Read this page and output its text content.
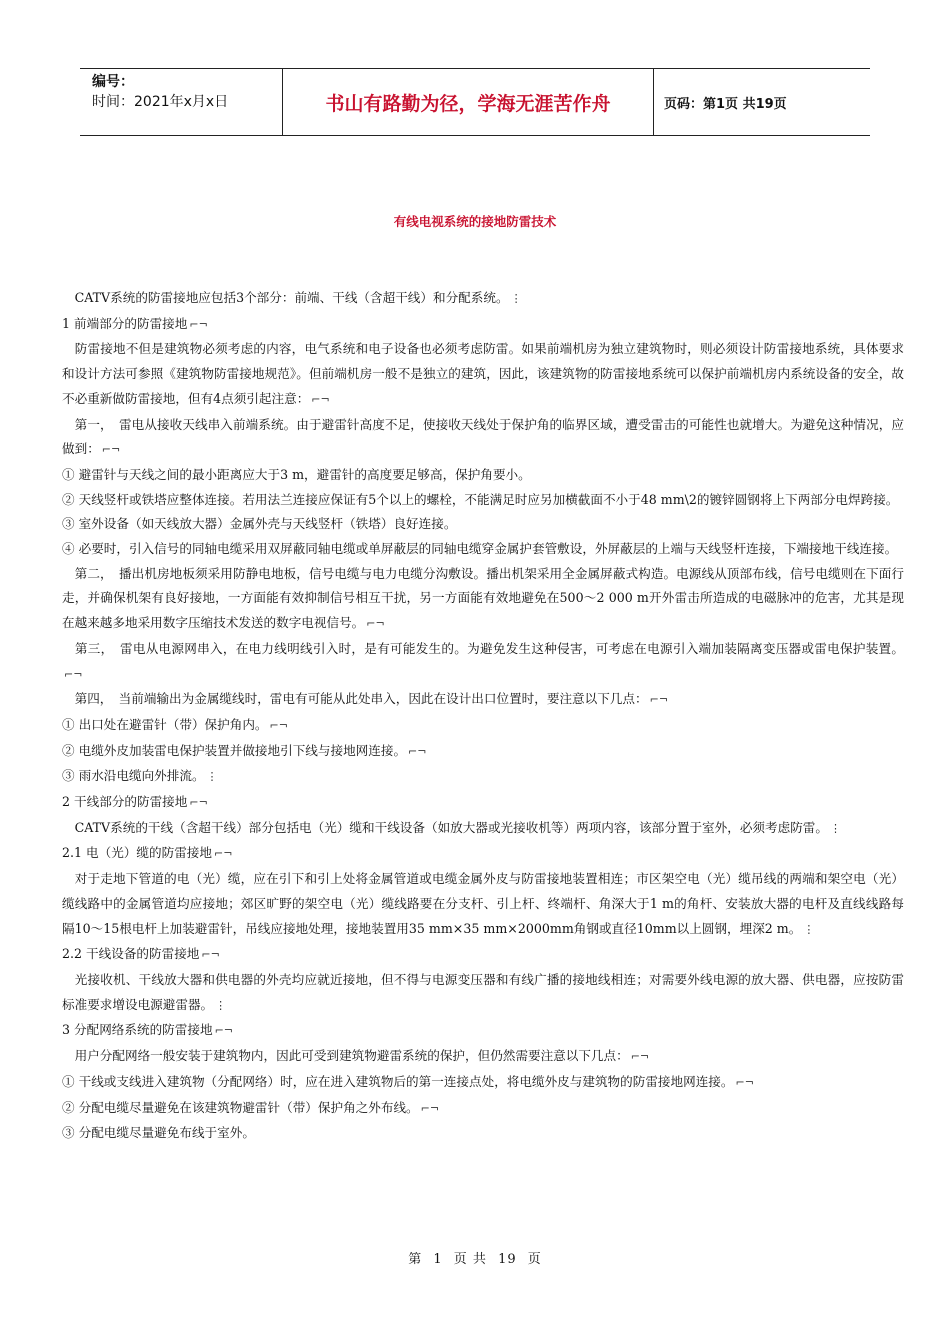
编号：
时间：2021年x月x日	书山有路勤为径，学海无涯苦作舟	页码：第1页 共19页
有线电视系统的接地防雷技术

　CATV系统的防雷接地应包括3个部分：前端、干线（含超干线）和分配系统。 ⋮

1 前端部分的防雷接地 ⌐¬

　防雷接地不但是建筑物必须考虑的内容，电气系统和电子设备也必须考虑防雷。如果前端机房为独立建筑物时，则必须设计防雷接地系统，具体要求和设计方法可参照《建筑物防雷接地规范》。但前端机房一般不是独立的建筑，因此，该建筑物的防雷接地系统可以保护前端机房内系统设备的安全，故不必重新做防雷接地，但有4点须引起注意： ⌐¬

　第一，　雷电从接收天线串入前端系统。由于避雷针高度不足，使接收天线处于保护角的临界区域，遭受雷击的可能性也就增大。为避免这种情况，应做到： ⌐¬

① 避雷针与天线之间的最小距离应大于3 m，避雷针的高度要足够高，保护角要小。

② 天线竖杆或铁塔应整体连接。若用法兰连接应保证有5个以上的螺栓，不能满足时应另加横截面不小于48 mm\2的镀锌圆钢将上下两部分电焊跨接。

③ 室外设备（如天线放大器）金属外壳与天线竖杆（铁塔）良好连接。

④ 必要时，引入信号的同轴电缆采用双屏蔽同轴电缆或单屏蔽层的同轴电缆穿金属护套管敷设，外屏蔽层的上端与天线竖杆连接，下端接地干线连接。

　第二，　播出机房地板须采用防静电地板，信号电缆与电力电缆分沟敷设。播出机架采用全金属屏蔽式构造。电源线从顶部布线，信号电缆则在下面行走，并确保机架有良好接地，一方面能有效抑制信号相互干扰，另一方面能有效地避免在500～2 000 m开外雷击所造成的电磁脉冲的危害，尤其是现在越来越多地采用数字压缩技术发送的数字电视信号。 ⌐¬

　第三，　雷电从电源网串入，在电力线明线引入时，是有可能发生的。为避免发生这种侵害，可考虑在电源引入端加装隔离变压器或雷电保护装置。⌐¬

　第四，　当前端输出为金属缆线时，雷电有可能从此处串入，因此在设计出口位置时，要注意以下几点： ⌐¬

① 出口处在避雷针（带）保护角内。 ⌐¬

② 电缆外皮加装雷电保护装置并做接地引下线与接地网连接。 ⌐¬

③ 雨水沿电缆向外排流。 ⋮

2 干线部分的防雷接地 ⌐¬

　CATV系统的干线（含超干线）部分包括电（光）缆和干线设备（如放大器或光接收机等）两项内容，该部分置于室外，必须考虑防雷。 ⋮

2.1 电（光）缆的防雷接地 ⌐¬

　对于走地下管道的电（光）缆，应在引下和引上处将金属管道或电缆金属外皮与防雷接地装置相连；市区架空电（光）缆吊线的两端和架空电（光）缆线路中的金属管道均应接地；郊区旷野的架空电（光）缆线路要在分支杆、引上杆、终端杆、角深大于1 m的角杆、安装放大器的电杆及直线线路每隔10～15根电杆上加装避雷针，吊线应接地处理，接地装置用35 mm×35 mm×2000mm角钢或直径10mm以上圆钢，埋深2 m。 ⋮

2.2 干线设备的防雷接地 ⌐¬

　光接收机、干线放大器和供电器的外壳均应就近接地，但不得与电源变压器和有线广播的接地线相连；对需要外线电源的放大器、供电器，应按防雷标准要求增设电源避雷器。 ⋮

3 分配网络系统的防雷接地 ⌐¬

　用户分配网络一般安装于建筑物内，因此可受到建筑物避雷系统的保护，但仍然需要注意以下几点： ⌐¬

① 干线或支线进入建筑物（分配网络）时，应在进入建筑物后的第一连接点处，将电缆外皮与建筑物的防雷接地网连接。 ⌐¬

② 分配电缆尽量避免在该建筑物避雷针（带）保护角之外布线。 ⌐¬

③ 分配电缆尽量避免布线于室外。

第 1 页 共 19 页
